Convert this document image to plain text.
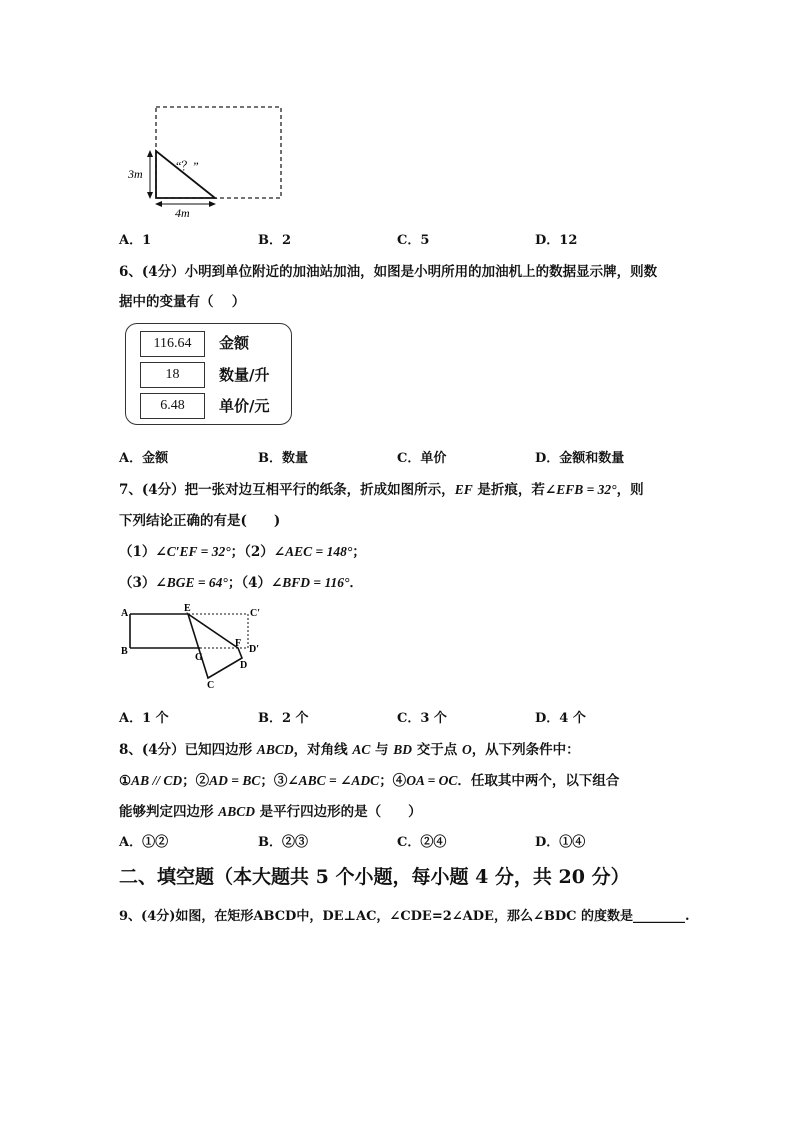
3m
4m
“？”
A．1	B．2	C．5	D．12
6、(4分）小明到单位附近的加油站加油，如图是小明所用的加油机上的数据显示牌，则数
据中的变量有（　 ）
116.64	金额
18	数量/升
6.48	单价/元
A．金额	B．数量	C．单价	D．金额和数量
7、(4分）把一张对边互相平行的纸条，折成如图所示，EF 是折痕，若∠EFB = 32°，则
下列结论正确的有是(　　)
（1）∠C′EF = 32°；（2）∠AEC = 148°；
（3）∠BGE = 64°；（4）∠BFD = 116°．
A
B
E	C′
F
D′
G
D
C
A．1 个	B．2 个	C．3 个	D．4 个
8、(4分）已知四边形 ABCD，对角线 AC 与 BD 交于点 O，从下列条件中：
①AB // CD；②AD = BC；③∠ABC = ∠ADC；④OA = OC．任取其中两个，以下组合
能够判定四边形 ABCD 是平行四边形的是（　　）
A．①②	B．②③	C．②④	D．①④
二、填空题（本大题共 5 个小题，每小题 4 分，共 20 分）
9、(4分)如图，在矩形ABCD中，DE⊥AC，∠CDE=2∠ADE，那么∠BDC 的度数是________.
